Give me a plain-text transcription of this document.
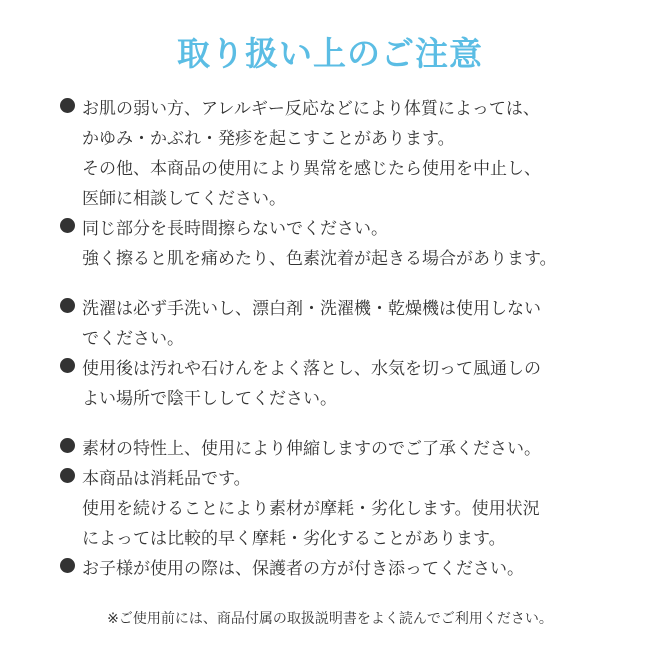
取り扱い上のご注意
お肌の弱い方、アレルギー反応などにより体質によっては、
かゆみ・かぶれ・発疹を起こすことがあります。
その他、本商品の使用により異常を感じたら使用を中止し、
医師に相談してください。
同じ部分を長時間擦らないでください。
強く擦ると肌を痛めたり、色素沈着が起きる場合があります。
洗濯は必ず手洗いし、漂白剤・洗濯機・乾燥機は使用しない
でください。
使用後は汚れや石けんをよく落とし、水気を切って風通しの
よい場所で陰干ししてください。
素材の特性上、使用により伸縮しますのでご了承ください。
本商品は消耗品です。
使用を続けることにより素材が摩耗・劣化します。使用状況
によっては比較的早く摩耗・劣化することがあります。
お子様が使用の際は、保護者の方が付き添ってください。
※ご使用前には、商品付属の取扱説明書をよく読んでご利用ください。
